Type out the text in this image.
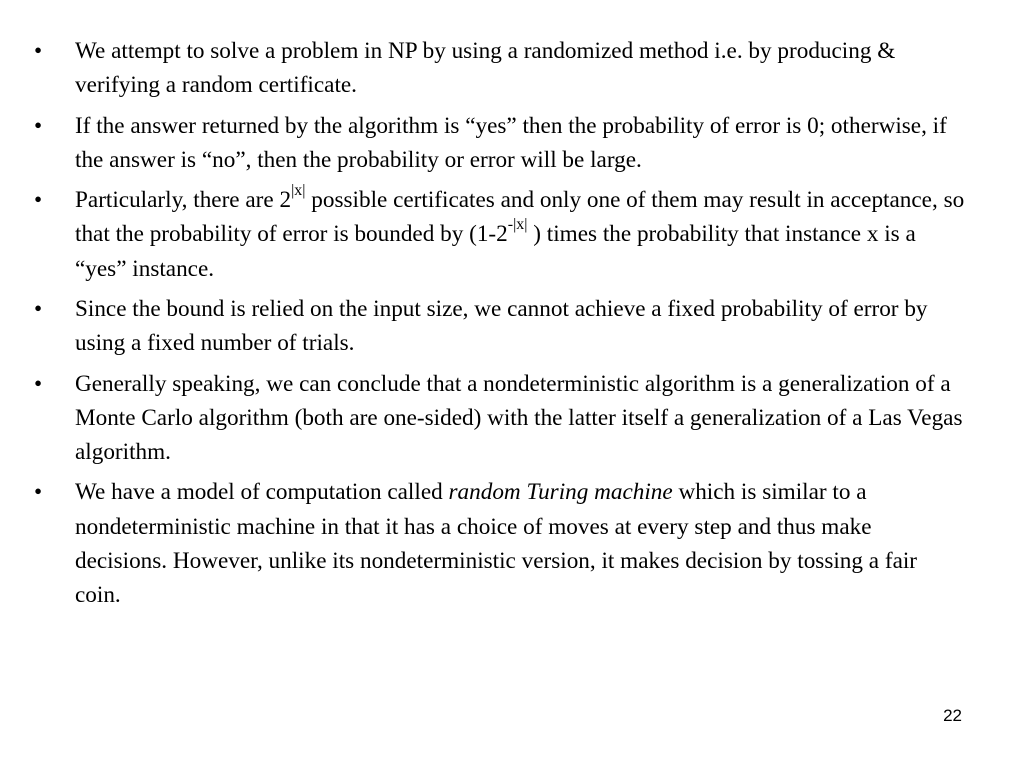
• We attempt to solve a problem in NP by using a randomized method i.e. by producing & verifying a random certificate.
• If the answer returned by the algorithm is “yes” then the probability of error is 0; otherwise, if the answer is “no”, then the probability or error will be large.
• Particularly, there are $2^{|x|}$ possible certificates and only one of them may result in acceptance, so that the probability of error is bounded by ($1-2^{-|x|}$ ) times the probability that instance x is a “yes” instance.
• Since the bound is relied on the input size, we cannot achieve a fixed probability of error by using a fixed number of trials.
• Generally speaking, we can conclude that a nondeterministic algorithm is a generalization of a Monte Carlo algorithm (both are one-sided) with the latter itself a generalization of a Las Vegas algorithm.
• We have a model of computation called random Turing machine which is similar to a nondeterministic machine in that it has a choice of moves at every step and thus make decisions. However, unlike its nondeterministic version, it makes decision by tossing a fair coin.
22
